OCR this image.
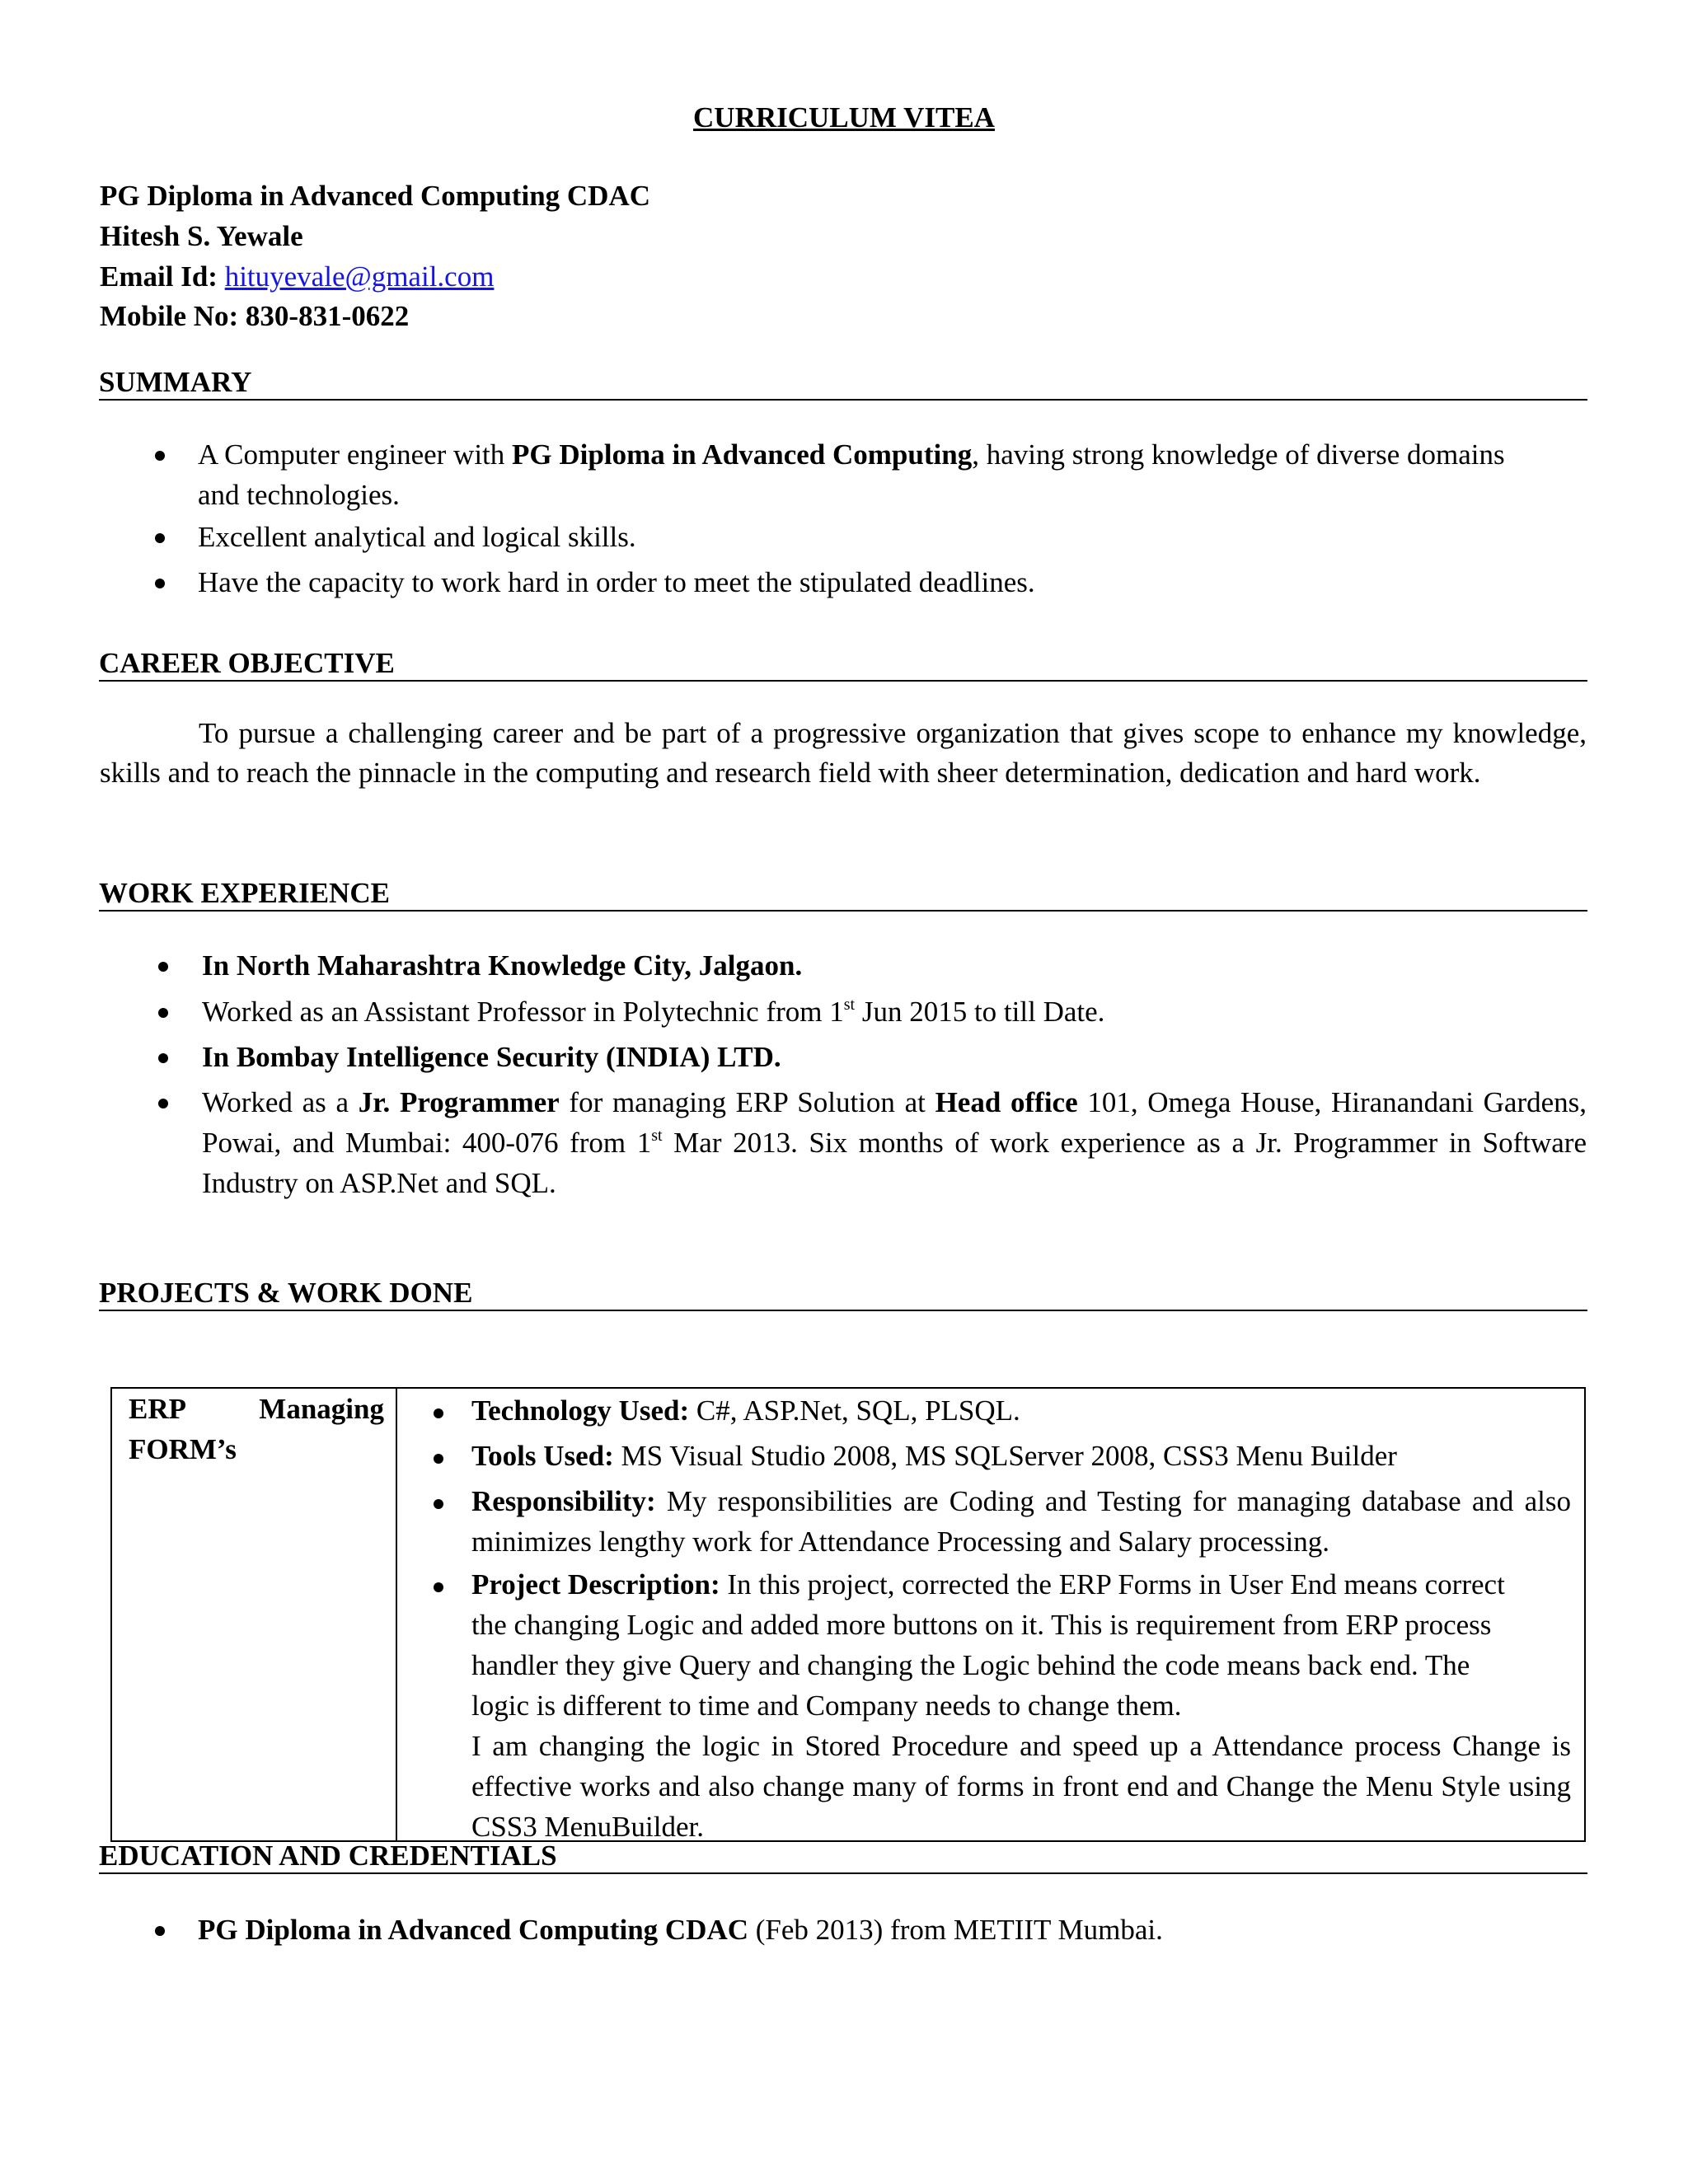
CURRICULUM VITEA
PG Diploma in Advanced Computing CDAC
Hitesh S. Yewale
Email Id: hituyevale@gmail.com
Mobile No: 830-831-0622
SUMMARY
A Computer engineer with PG Diploma in Advanced Computing, having strong knowledge of diverse domains
and technologies.
Excellent analytical and logical skills.
Have the capacity to work hard in order to meet the stipulated deadlines.
CAREER OBJECTIVE
To pursue a challenging career and be part of a progressive organization that gives scope to enhance my knowledge, skills and to reach the pinnacle in the computing and research field with sheer determination, dedication and hard work.
WORK EXPERIENCE
In North Maharashtra Knowledge City, Jalgaon.
Worked as an Assistant Professor in Polytechnic from 1st Jun 2015 to till Date.
In Bombay Intelligence Security (INDIA) LTD.
Worked as a Jr. Programmer for managing ERP Solution at Head office 101, Omega House, Hiranandani Gardens, Powai, and Mumbai: 400-076 from 1st Mar 2013. Six months of work experience as a Jr. Programmer in Software Industry on ASP.Net and SQL.
PROJECTS & WORK DONE
ERP	Managing
FORM’s
Technology Used: C#, ASP.Net, SQL, PLSQL.
Tools Used: MS Visual Studio 2008, MS SQLServer 2008, CSS3 Menu Builder
Responsibility: My responsibilities are Coding and Testing for managing database and also minimizes lengthy work for Attendance Processing and Salary processing.
Project Description: In this project, corrected the ERP Forms in User End means correct
the changing Logic and added more buttons on it. This is requirement from ERP process
handler they give Query and changing the Logic behind the code means back end. The
logic is different to time and Company needs to change them.
I am changing the logic in Stored Procedure and speed up a Attendance process Change is effective works and also change many of forms in front end and Change the Menu Style using CSS3 MenuBuilder.
EDUCATION AND CREDENTIALS
PG Diploma in Advanced Computing CDAC (Feb 2013) from METIIT Mumbai.
